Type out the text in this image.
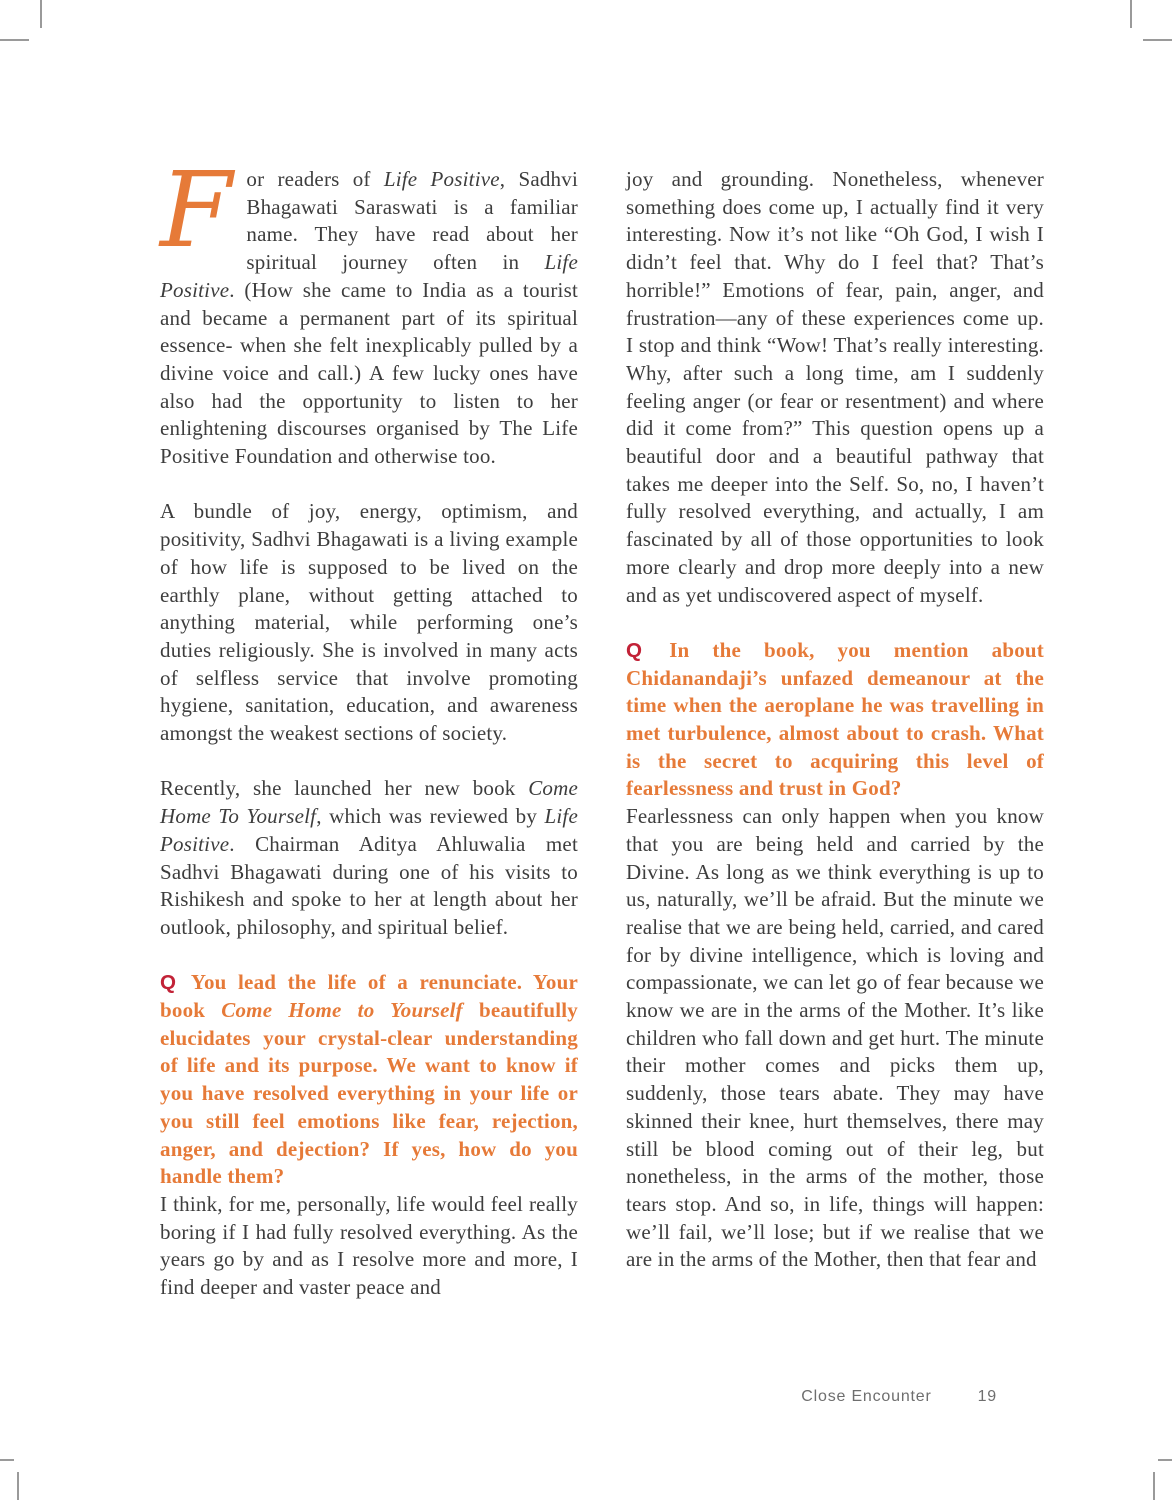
For readers of Life Positive, Sadhvi Bhagawati Saraswati is a familiar name. They have read about her spiritual journey often in Life Positive. (How she came to India as a tourist and became a permanent part of its spiritual essence- when she felt inexplicably pulled by a divine voice and call.) A few lucky ones have also had the opportunity to listen to her enlightening discourses organised by The Life Positive Foundation and otherwise too.

A bundle of joy, energy, optimism, and positivity, Sadhvi Bhagawati is a living example of how life is supposed to be lived on the earthly plane, without getting attached to anything material, while performing one’s duties religiously. She is involved in many acts of selfless service that involve promoting hygiene, sanitation, education, and awareness amongst the weakest sections of society.

Recently, she launched her new book Come Home To Yourself, which was reviewed by Life Positive. Chairman Aditya Ahluwalia met Sadhvi Bhagawati during one of his visits to Rishikesh and spoke to her at length about her outlook, philosophy, and spiritual belief.

Q You lead the life of a renunciate. Your book Come Home to Yourself beautifully elucidates your crystal-clear understanding of life and its purpose. We want to know if you have resolved everything in your life or you still feel emotions like fear, rejection, anger, and dejection? If yes, how do you handle them?

I think, for me, personally, life would feel really boring if I had fully resolved everything. As the years go by and as I resolve more and more, I find deeper and vaster peace and

joy and grounding. Nonetheless, whenever something does come up, I actually find it very interesting. Now it’s not like “Oh God, I wish I didn’t feel that. Why do I feel that? That’s horrible!” Emotions of fear, pain, anger, and frustration—any of these experiences come up. I stop and think “Wow! That’s really interesting. Why, after such a long time, am I suddenly feeling anger (or fear or resentment) and where did it come from?” This question opens up a beautiful door and a beautiful pathway that takes me deeper into the Self. So, no, I haven’t fully resolved everything, and actually, I am fascinated by all of those opportunities to look more clearly and drop more deeply into a new and as yet undiscovered aspect of myself.

Q In the book, you mention about Chidanandaji’s unfazed demeanour at the time when the aeroplane he was travelling in met turbulence, almost about to crash. What is the secret to acquiring this level of fearlessness and trust in God?

Fearlessness can only happen when you know that you are being held and carried by the Divine. As long as we think everything is up to us, naturally, we’ll be afraid. But the minute we realise that we are being held, carried, and cared for by divine intelligence, which is loving and compassionate, we can let go of fear because we know we are in the arms of the Mother. It’s like children who fall down and get hurt. The minute their mother comes and picks them up, suddenly, those tears abate. They may have skinned their knee, hurt themselves, there may still be blood coming out of their leg, but nonetheless, in the arms of the mother, those tears stop. And so, in life, things will happen: we’ll fail, we’ll lose; but if we realise that we are in the arms of the Mother, then that fear and

Close Encounter	19
